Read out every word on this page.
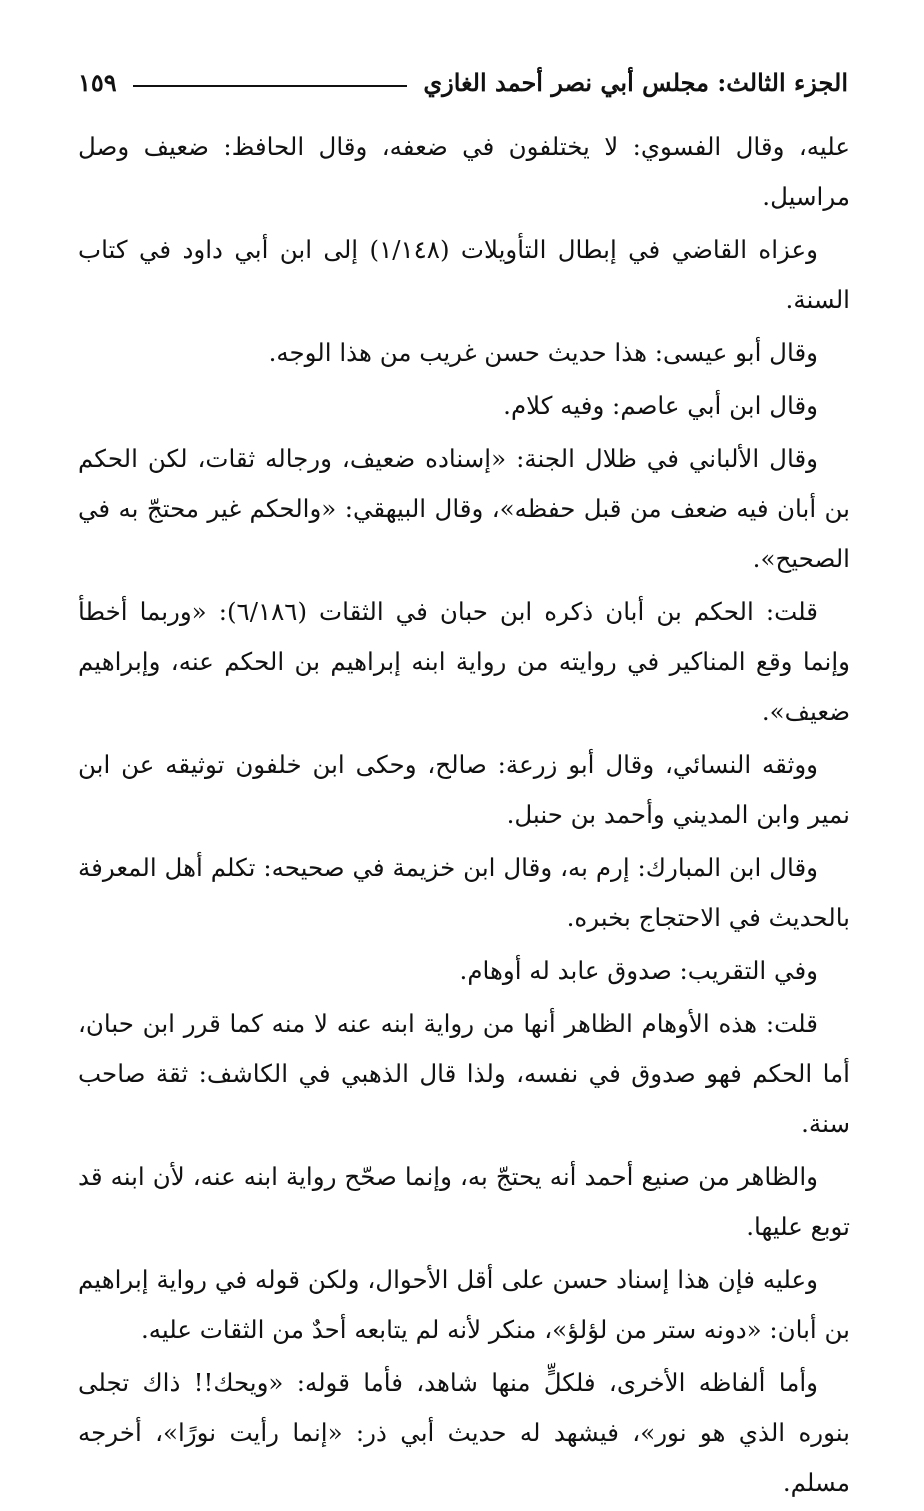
الجزء الثالث: مجلس أبي نصر أحمد الغازي
١٥٩

عليه، وقال الفسوي: لا يختلفون في ضعفه، وقال الحافظ: ضعيف وصل مراسيل.

وعزاه القاضي في إبطال التأويلات (١/١٤٨) إلى ابن أبي داود في كتاب السنة.

وقال أبو عيسى: هذا حديث حسن غريب من هذا الوجه.

وقال ابن أبي عاصم: وفيه كلام.

وقال الألباني في ظلال الجنة: «إسناده ضعيف، ورجاله ثقات، لكن الحكم بن أبان فيه ضعف من قبل حفظه»، وقال البيهقي: «والحكم غير محتجّ به في الصحيح».

قلت: الحكم بن أبان ذكره ابن حبان في الثقات (٦/١٨٦): «وربما أخطأ وإنما وقع المناكير في روايته من رواية ابنه إبراهيم بن الحكم عنه، وإبراهيم ضعيف».

ووثقه النسائي، وقال أبو زرعة: صالح، وحكى ابن خلفون توثيقه عن ابن نمير وابن المديني وأحمد بن حنبل.

وقال ابن المبارك: إرم به، وقال ابن خزيمة في صحيحه: تكلم أهل المعرفة بالحديث في الاحتجاج بخبره.

وفي التقريب: صدوق عابد له أوهام.

قلت: هذه الأوهام الظاهر أنها من رواية ابنه عنه لا منه كما قرر ابن حبان، أما الحكم فهو صدوق في نفسه، ولذا قال الذهبي في الكاشف: ثقة صاحب سنة.

والظاهر من صنيع أحمد أنه يحتجّ به، وإنما صحّح رواية ابنه عنه، لأن ابنه قد توبع عليها.

وعليه فإن هذا إسناد حسن على أقل الأحوال، ولكن قوله في رواية إبراهيم بن أبان: «دونه ستر من لؤلؤ»، منكر لأنه لم يتابعه أحدٌ من الثقات عليه.

وأما ألفاظه الأخرى، فلكلٍّ منها شاهد، فأما قوله: «ويحك!! ذاك تجلى بنوره الذي هو نور»، فيشهد له حديث أبي ذر: «إنما رأيت نورًا»، أخرجه مسلم.
